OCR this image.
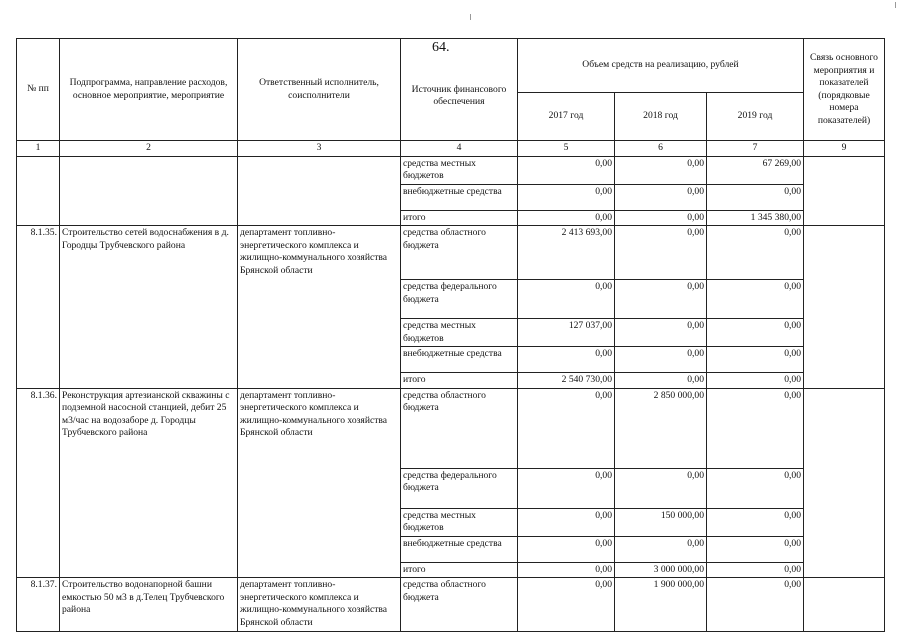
64.
№ пп	Подпрограмма, направление расходов, основное мероприятие, мероприятие	Ответственный исполнитель, соисполнители	Источник финансового обеспечения	Объем средств на реализацию, рублей			Связь основного мероприятия и показателей (порядковые номера показателей)
				2017 год	2018 год	2019 год	
1	2	3	4	5	6	7	9
			средства местных бюджетов	0,00	0,00	67 269,00	
			внебюджетные средства	0,00	0,00	0,00	
			итого	0,00	0,00	1 345 380,00	
8.1.35.	Строительство сетей водоснабжения в д. Городцы Трубчевского района	департамент топливно-энергетического комплекса и жилищно-коммунального хозяйства Брянской области	средства областного бюджета	2 413 693,00	0,00	0,00	
			средства федерального бюджета	0,00	0,00	0,00	
			средства местных бюджетов	127 037,00	0,00	0,00	
			внебюджетные средства	0,00	0,00	0,00	
			итого	2 540 730,00	0,00	0,00	
8.1.36.	Реконструкция артезианской скважины с подземной насосной станцией, дебит 25 м3/час на водозаборе д. Городцы Трубчевского района	департамент топливно-энергетического комплекса и жилищно-коммунального хозяйства Брянской области	средства областного бюджета	0,00	2 850 000,00	0,00	
			средства федерального бюджета	0,00	0,00	0,00	
			средства местных бюджетов	0,00	150 000,00	0,00	
			внебюджетные средства	0,00	0,00	0,00	
			итого	0,00	3 000 000,00	0,00	
8.1.37.	Строительство водонапорной башни емкостью 50 м3 в д.Телец Трубчевского района	департамент топливно-энергетического комплекса и жилищно-коммунального хозяйства Брянской области	средства областного бюджета	0,00	1 900 000,00	0,00	
